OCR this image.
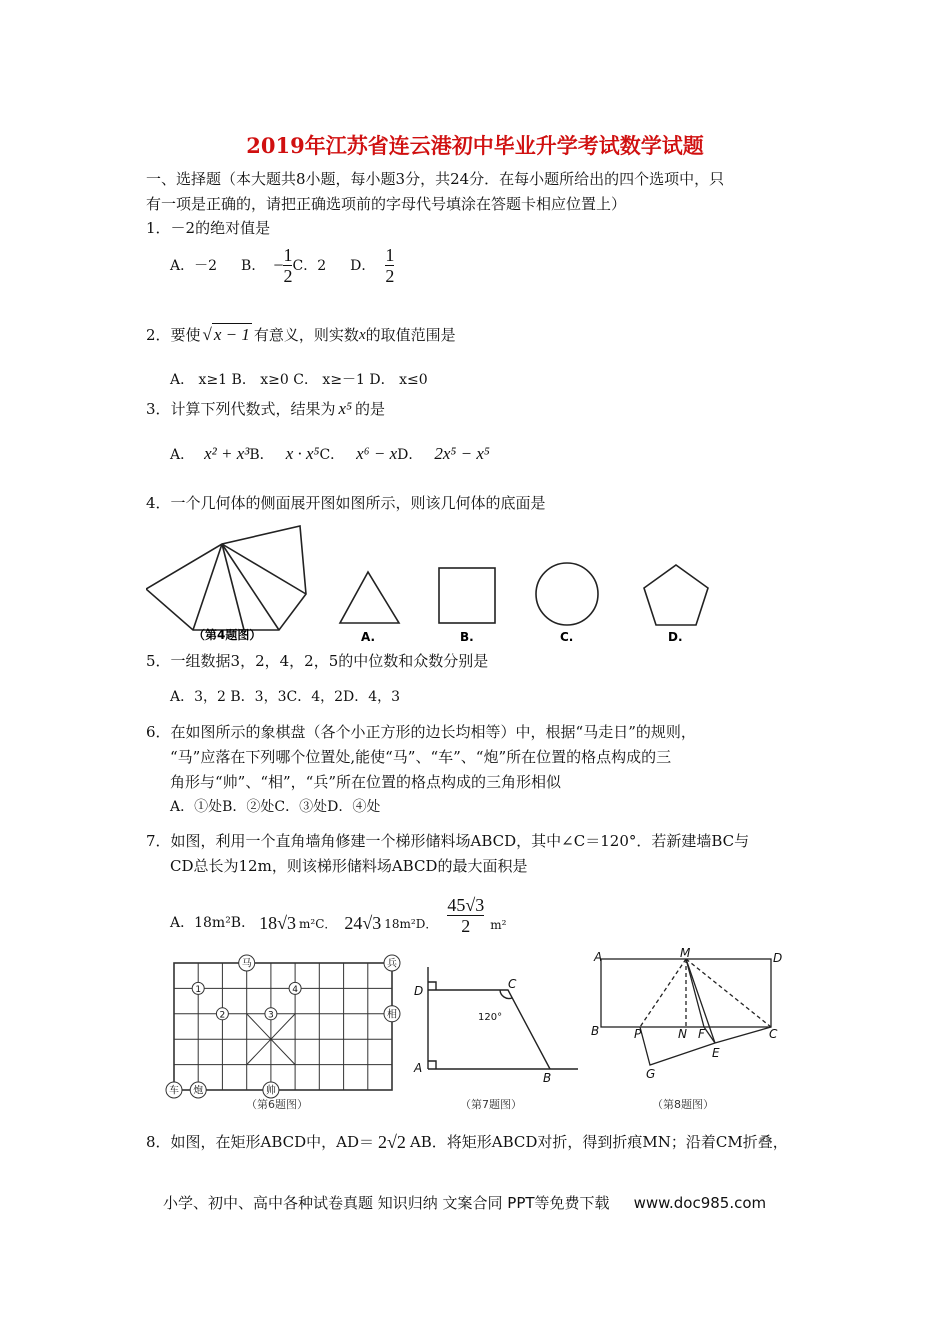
2019年江苏省连云港初中毕业升学考试数学试题
一、选择题（本大题共8小题，每小题3分，共24分．在每小题所给出的四个选项中，只
有一项是正确的，请把正确选项前的字母代号填涂在答题卡相应位置上）
1．－2的绝对值是
A．－2 B． − $\frac{1}{2}$ C．2 D． $\frac{1}{2}$
2．要使 √ x − 1 有意义，则实数 x 的取值范围是
A． x≥1 B． x≥0 C． x≥－1 D． x≤0
3．计算下列代数式，结果为 x⁵ 的是
A． x² + x³ B． x · x⁵ C． x⁶ − x D． 2x⁵ − x⁵
4．一个几何体的侧面展开图如图所示，则该几何体的底面是
（第4题图）	A.	B.	C.	D.
5．一组数据3，2，4，2，5的中位数和众数分别是
A．3，2 B．3，3C．4，2D．4，3
6．在如图所示的象棋盘（各个小正方形的边长均相等）中，根据“马走日”的规则，
“马”应落在下列哪个位置处,能使“马”、“车”、“炮”所在位置的格点构成的三
角形与“帅”、“相”，“兵”所在位置的格点构成的三角形相似
A．①处B．②处C．③处D．④处
7．如图，利用一个直角墙角修建一个梯形储料场ABCD，其中∠C＝120°．若新建墙BC与
CD总长为12m，则该梯形储料场ABCD的最大面积是
A．18m²B． 18√3 m²C． 24√3 18m²D． $\frac{45√3}{2} m^2$
马	兵
相
车 炮	帅
1
2	3
4
（第6题图）
D	C
A
B
120°
（第7题图）
A	M	D
B	P	N F	C
E
G
（第8题图）
8．如图，在矩形ABCD中，AD＝ 2√2 AB．将矩形ABCD对折，得到折痕MN；沿着CM折叠，
小学、初中、高中各种试卷真题 知识归纳 文案合同 PPT等免费下载 www.doc985.com
